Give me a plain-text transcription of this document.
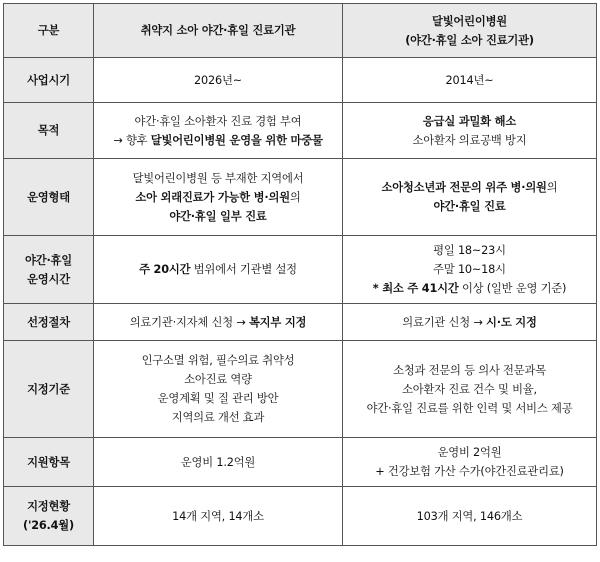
구분	취약지 소아 야간·휴일 진료기관	달빛어린이병원
(야간·휴일 소아 진료기관)

사업시기	2026년~	2014년~

목적	야간·휴일 소아환자 진료 경험 부여
→ 향후 달빛어린이병원 운영을 위한 마중물	응급실 과밀화 해소
소아환자 의료공백 방지

운영형태	달빛어린이병원 등 부재한 지역에서
소아 외래진료가 가능한 병·의원의
야간·휴일 일부 진료	소아청소년과 전문의 위주 병·의원의
야간·휴일 진료

야간·휴일
운영시간	주 20시간 범위에서 기관별 설정	평일 18~23시
주말 10~18시
* 최소 주 41시간 이상 (일반 운영 기준)

선정절차	의료기관·지자체 신청 → 복지부 지정	의료기관 신청 → 시·도 지정

지정기준	인구소멸 위험, 필수의료 취약성
소아진료 역량
운영계획 및 질 관리 방안
지역의료 개선 효과	소청과 전문의 등 의사 전문과목
소아환자 진료 건수 및 비율,
야간·휴일 진료를 위한 인력 및 서비스 제공

지원항목	운영비 1.2억원	운영비 2억원
+ 건강보험 가산 수가(야간진료관리료)

지정현황
('26.4월)	14개 지역, 14개소	103개 지역, 146개소
